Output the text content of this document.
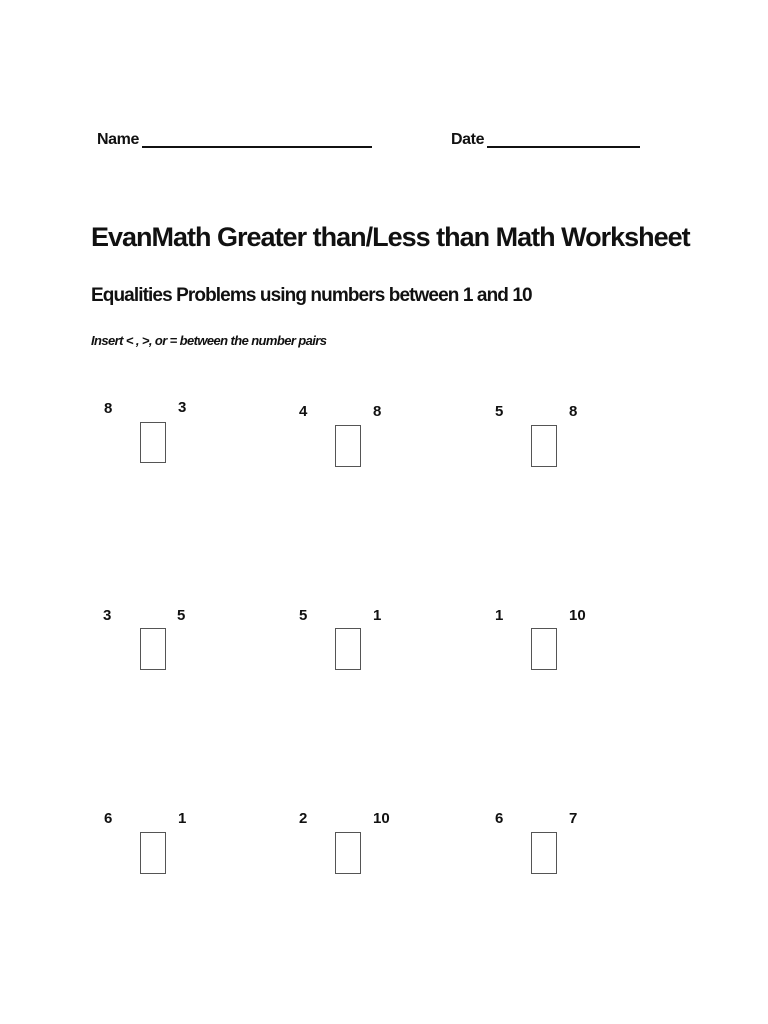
Name	Date
EvanMath Greater than/Less than Math Worksheet
Equalities Problems using numbers between 1 and 10

Insert < , >, or = between the number pairs

8	3	4	8	5	8
3	5	5	1	1	10
6	1	2	10	6	7
